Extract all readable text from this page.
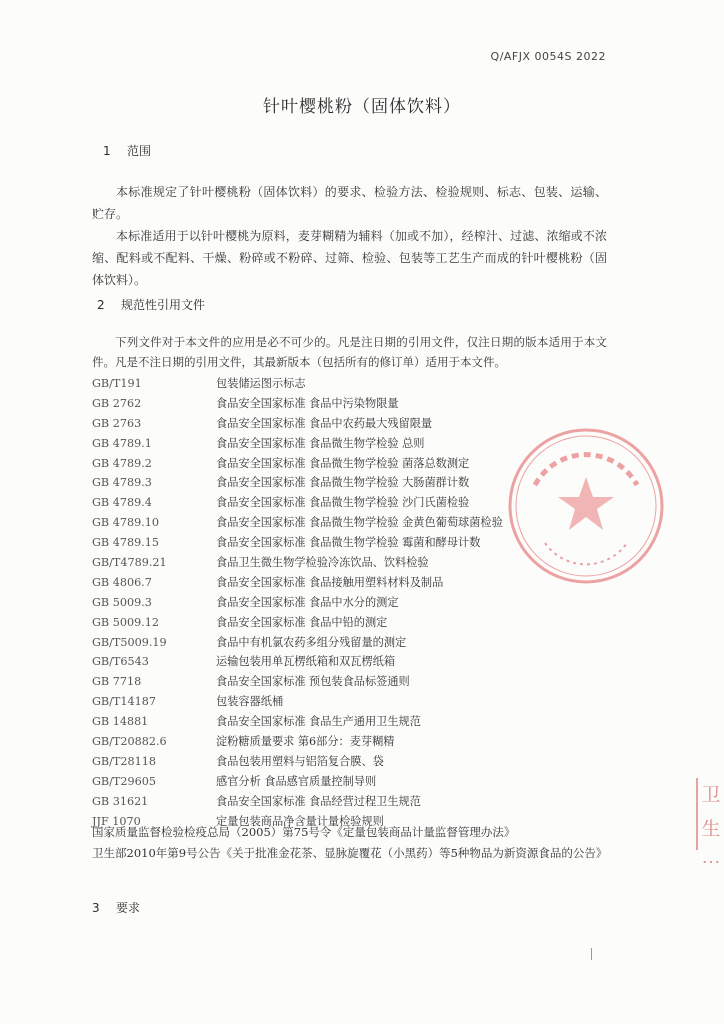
Q/AFJX 0054S 2022
针叶樱桃粉（固体饮料）
1 范围
本标准规定了针叶樱桃粉（固体饮料）的要求、检验方法、检验规则、标志、包装、运输、贮存。
本标准适用于以针叶樱桃为原料，麦芽糊精为辅料（加或不加），经榨汁、过滤、浓缩或不浓缩、配料或不配料、干燥、粉碎或不粉碎、过筛、检验、包装等工艺生产而成的针叶樱桃粉（固体饮料）。
2 规范性引用文件
下列文件对于本文件的应用是必不可少的。凡是注日期的引用文件，仅注日期的版本适用于本文件。凡是不注日期的引用文件，其最新版本（包括所有的修订单）适用于本文件。
GB/T191	包装储运图示标志
GB 2762	食品安全国家标准 食品中污染物限量
GB 2763	食品安全国家标准 食品中农药最大残留限量
GB 4789.1	食品安全国家标准 食品微生物学检验 总则
GB 4789.2	食品安全国家标准 食品微生物学检验 菌落总数测定
GB 4789.3	食品安全国家标准 食品微生物学检验 大肠菌群计数
GB 4789.4	食品安全国家标准 食品微生物学检验 沙门氏菌检验
GB 4789.10	食品安全国家标准 食品微生物学检验 金黄色葡萄球菌检验
GB 4789.15	食品安全国家标准 食品微生物学检验 霉菌和酵母计数
GB/T4789.21	食品卫生微生物学检验冷冻饮品、饮料检验
GB 4806.7	食品安全国家标准 食品接触用塑料材料及制品
GB 5009.3	食品安全国家标准 食品中水分的测定
GB 5009.12	食品安全国家标准 食品中铅的测定
GB/T5009.19	食品中有机氯农药多组分残留量的测定
GB/T6543	运输包装用单瓦楞纸箱和双瓦楞纸箱
GB 7718	食品安全国家标准 预包装食品标签通则
GB/T14187	包装容器纸桶
GB 14881	食品安全国家标准 食品生产通用卫生规范
GB/T20882.6	淀粉糖质量要求 第6部分：麦芽糊精
GB/T28118	食品包装用塑料与铝箔复合膜、袋
GB/T29605	感官分析 食品感官质量控制导则
GB 31621	食品安全国家标准 食品经营过程卫生规范
JJF 1070	定量包装商品净含量计量检验规则
国家质量监督检验检疫总局（2005）第75号令《定量包装商品计量监督管理办法》
卫生部2010年第9号公告《关于批准金花茶、显脉旋覆花（小黑药）等5种物品为新资源食品的公告》
3 要求
卫生 ⋯
